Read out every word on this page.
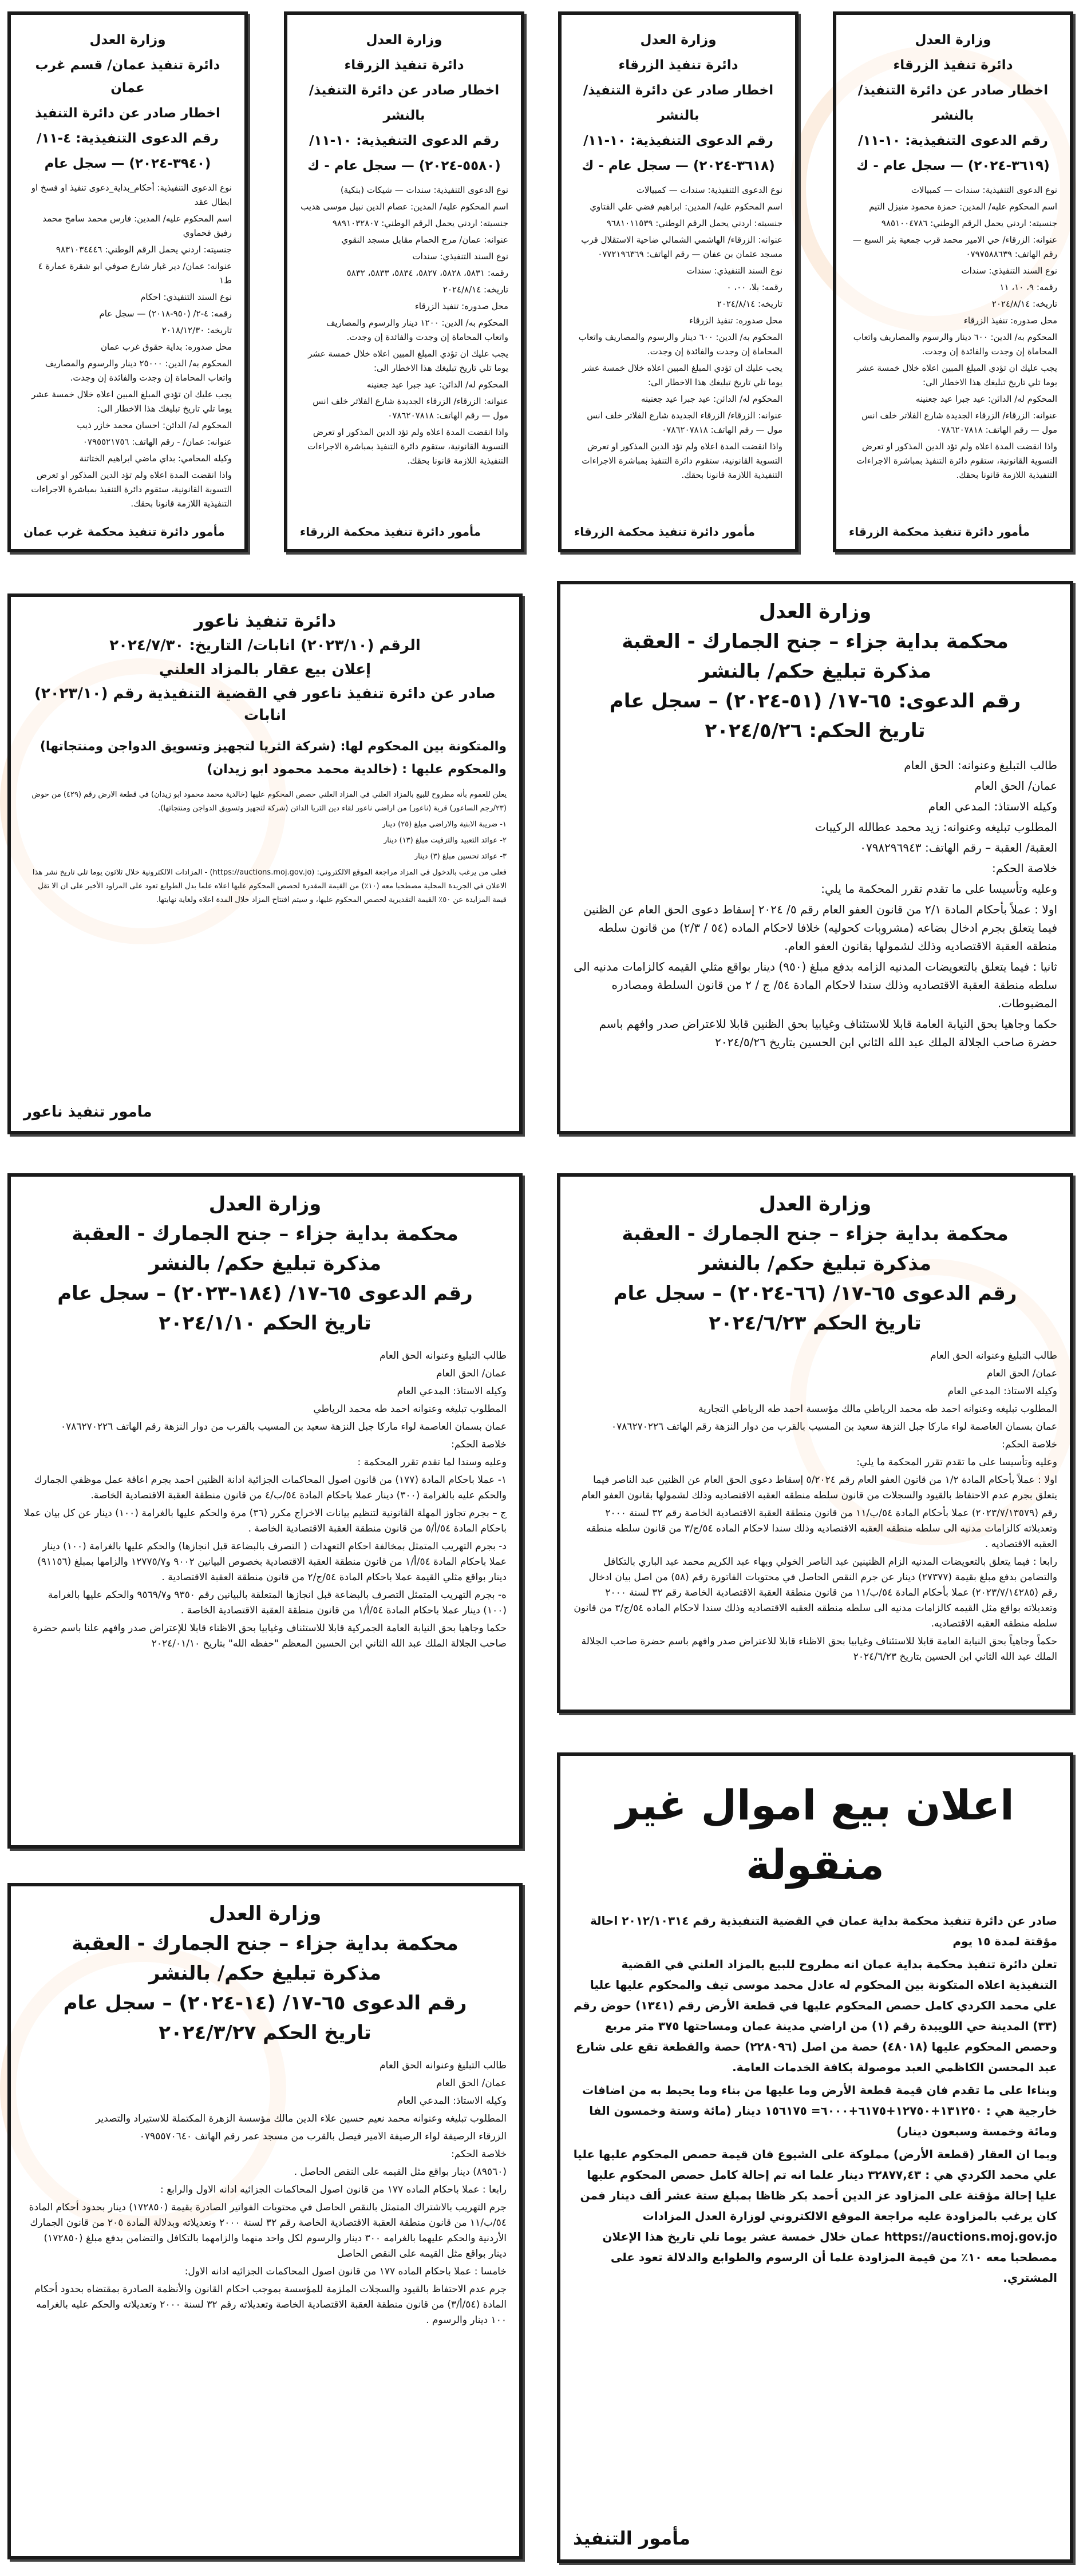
وزارة العدل
دائرة تنفيذ الزرقاء
اخطار صادر عن دائرة التنفيذ/
بالنشر
رقم الدعوى التنفيذية: ١٠-١١/
(٣٦١٩-٢٠٢٤) — سجل عام - ك

نوع الدعوى التنفيذية: سندات — كمبيالات

اسم المحكوم عليه/ المدين: حمزة محمود منيزل التيم

جنسيته: اردني يحمل الرقم الوطني: ٩٨٥١٠٠٤٧٨٦

عنوانه: الزرقاء/ حي الامير محمد قرب جمعية بئر السبع — رقم الهاتف: ٠٧٩٧٥٨٨٦٣٩

نوع السند التنفيذي: سندات

رقمه: ٩، ١٠، ١١

تاريخه: ٢٠٢٤/٨/١٤

محل صدوره: تنفيذ الزرقاء

المحكوم به/ الدين: ٦٠٠ دينار والرسوم والمصاريف واتعاب المحاماة إن وجدت والفائدة إن وجدت.

يجب عليك ان تؤدي المبلغ المبين اعلاه خلال خمسة عشر يوما تلي تاريخ تبليغك هذا الاخطار الى:

المحكوم له/ الدائن: عيد جبرا عيد جعنينه

عنوانه: الزرقاء/ الزرقاء الجديدة شارع الفلاتر خلف انس مول — رقم الهاتف: ٠٧٨٦٢٠٧٨١٨

واذا انقضت المدة اعلاه ولم تؤد الدين المذكور او تعرض التسوية القانونية، ستقوم دائرة التنفيذ بمباشرة الاجراءات التنفيذية اللازمة قانونا بحقك.

مأمور دائرة تنفيذ محكمة الزرقاء
وزارة العدل
دائرة تنفيذ الزرقاء
اخطار صادر عن دائرة التنفيذ/
بالنشر
رقم الدعوى التنفيذية: ١٠-١١/
(٣٦١٨-٢٠٢٤) — سجل عام - ك

نوع الدعوى التنفيذية: سندات — كمبيالات

اسم المحكوم عليه/ المدين: ابراهيم فضي علي الفتاوي

جنسيته: اردني يحمل الرقم الوطني: ٩٦٨١٠١١٥٣٩

عنوانه: الزرقاء/ الهاشمي الشمالي ضاحية الاستقلال قرب مسجد عثمان بن عفان — رقم الهاتف: ٠٧٧٢١٩٦٣٦٩

نوع السند التنفيذي: سندات

رقمه: بلا، ٠٠، ٠

تاريخه: ٢٠٢٤/٨/١٤

محل صدوره: تنفيذ الزرقاء

المحكوم به/ الدين: ٦٠٠ دينار والرسوم والمصاريف واتعاب المحاماة إن وجدت والفائدة إن وجدت.

يجب عليك ان تؤدي المبلغ المبين اعلاه خلال خمسة عشر يوما تلي تاريخ تبليغك هذا الاخطار الى:

المحكوم له/ الدائن: عيد جبرا عيد جعنينه

عنوانه: الزرقاء/ الزرقاء الجديدة شارع الفلاتر خلف انس مول — رقم الهاتف: ٠٧٨٦٢٠٧٨١٨

واذا انقضت المدة اعلاه ولم تؤد الدين المذكور او تعرض التسوية القانونية، ستقوم دائرة التنفيذ بمباشرة الاجراءات التنفيذية اللازمة قانونا بحقك.

مأمور دائرة تنفيذ محكمة الزرقاء
وزارة العدل
دائرة تنفيذ الزرقاء
اخطار صادر عن دائرة التنفيذ/
بالنشر
رقم الدعوى التنفيذية: ١٠-١١/
(٥٥٨٠-٢٠٢٤) — سجل عام - ك

نوع الدعوى التنفيذية: سندات — شيكات (بنكية)

اسم المحكوم عليه/ المدين: عصام الدين نبيل موسى هديب

جنسيته: اردني يحمل الرقم الوطني: ٩٨٩١٠٣٢٨٠٧

عنوانه: عمان/ مرج الحمام مقابل مسجد النقوي

نوع السند التنفيذي: سندات

رقمه: ٥٨٣١، ٥٨٢٨، ٥٨٢٧، ٥٨٣٤، ٥٨٣٣، ٥٨٣٢

تاريخه: ٢٠٢٤/٨/١٤

محل صدوره: تنفيذ الزرقاء

المحكوم به/ الدين: ١٢٠٠ دينار والرسوم والمصاريف واتعاب المحاماة إن وجدت والفائدة إن وجدت.

يجب عليك ان تؤدي المبلغ المبين اعلاه خلال خمسة عشر يوما تلي تاريخ تبليغك هذا الاخطار الى:

المحكوم له/ الدائن: عيد جبرا عيد جعنينه

عنوانه: الزرقاء/ الزرقاء الجديدة شارع الفلاتر خلف انس مول — رقم الهاتف: ٠٧٨٦٢٠٧٨١٨

واذا انقضت المدة اعلاه ولم تؤد الدين المذكور او تعرض التسوية القانونية، ستقوم دائرة التنفيذ بمباشرة الاجراءات التنفيذية اللازمة قانونا بحقك.

مأمور دائرة تنفيذ محكمة الزرقاء
وزارة العدل
دائرة تنفيذ عمان/ قسم غرب عمان
اخطار صادر عن دائرة التنفيذ
رقم الدعوى التنفيذية: ٤-١١/
(٣٩٤٠-٢٠٢٤) — سجل عام

نوع الدعوى التنفيذية: أحكام_بداية_دعوى تنفيذ او فسخ او ابطال عقد

اسم المحكوم عليه/ المدين: فارس محمد سامح محمد رفيق فحماوي

جنسيته: اردني يحمل الرقم الوطني: ٩٨٣١٠٣٤٤٤٦

عنوانه: عمان/ دير غبار شارع صوفي ابو شقرة عمارة ٤ ط١

نوع السند التنفيذي: احكام

رقمه: ٤-٢/ (٩٥٠-٢٠١٨) — سجل عام

تاريخه: ٢٠١٨/١٢/٣٠

محل صدوره: بداية حقوق غرب عمان

المحكوم به/ الدين: ٢٥٠٠٠ دينار والرسوم والمصاريف واتعاب المحاماة إن وجدت والفائدة إن وجدت.

يجب عليك ان تؤدي المبلغ المبين اعلاه خلال خمسة عشر يوما تلي تاريخ تبليغك هذا الاخطار الى:

المحكوم له/ الدائن: احسان محمد خازر ذيب

عنوانه: عمان/ - رقم الهاتف: ٠٧٩٥٥٢١٧٥٦

وكيله المحامي: بداي ماضي ابراهيم الختاتنة

واذا انقضت المدة اعلاه ولم تؤد الدين المذكور او تعرض التسوية القانونية، ستقوم دائرة التنفيذ بمباشرة الاجراءات التنفيذية اللازمة قانونا بحقك.

مأمور دائرة تنفيذ محكمة غرب عمان
وزارة العدل
محكمة بداية جزاء – جنح الجمارك - العقبة
مذكرة تبليغ حكم/ بالنشر
رقم الدعوى: ٦٥-١٧/ (٥١-٢٠٢٤) – سجل عام
تاريخ الحكم: ٢٠٢٤/٥/٢٦

طالب التبليغ وعنوانه: الحق العام

عمان/ الحق العام

وكيله الاستاذ: المدعي العام

المطلوب تبليغه وعنوانه: زيد محمد عطالله الركيبات

العقبة/ العقبة – رقم الهاتف: ٠٧٩٨٢٩٦٩٤٣

خلاصة الحكم:

وعليه وتأسيسا على ما تقدم تقرر المحكمة ما يلي:

اولا : عملاً بأحكام المادة ٢/١ من قانون العفو العام رقم ٥/ ٢٠٢٤ إسقاط دعوى الحق العام عن الظنين فيما يتعلق بجرم ادخال بضاعه (مشروبات كحوليه) خلافا لاحكام الماده (٥٤ / ٢/٣) من قانون سلطه منطقه العقبة الاقتصاديه وذلك لشمولها بقانون العفو العام.

ثانيا : فيما يتعلق بالتعويضات المدنيه الزامه بدفع مبلغ (٩٥٠) دينار بواقع مثلي القيمه كالزامات مدنيه الى سلطه منطقة العقبة الاقتصاديه وذلك سندا لاحكام المادة ٥٤/ ج / ٢ من قانون السلطة ومصادره المضبوطات.

حكما وجاهيا بحق النيابة العامة قابلا للاستئناف وغيابيا بحق الظنين قابلا للاعتراض صدر وافهم باسم حضرة صاحب الجلالة الملك عبد الله الثاني ابن الحسين بتاريخ ٢٠٢٤/٥/٢٦

دائرة تنفيذ ناعور
الرقم (٢٠٢٣/١٠) انابات/ التاريخ: ٢٠٢٤/٧/٣٠
إعلان بيع عقار بالمزاد العلني
صادر عن دائرة تنفيذ ناعور في القضية التنفيذية رقم (٢٠٢٣/١٠) انابات
والمتكونة بين المحكوم لها: (شركة الثريا لتجهيز وتسويق الدواجن ومنتجاتها)
والمحكوم عليها : (خالدية محمد محمود ابو زيدان)

يعلن للعموم بأنه مطروح للبيع بالمزاد العلني في المزاد العلني حصص المحكوم عليها (خالدية محمد محمود ابو زيدان) في قطعة الارض رقم (٤٢٩) من حوض (٢٣/رجم الساعور) قرية (ناعور) من اراضي ناعور لقاء دين الثريا الدائن (شركة لتجهيز وتسويق الدواجن ومنتجاتها).

١- ضريبة الابنية والاراضي مبلغ (٢٥) دينار

٢- عوائد التعبيد والتزفيت مبلغ (١٣) دينار

٣- عوائد تحسين مبلغ (٣) دينار

فعلى من يرغب بالدخول في المزاد مراجعة الموقع الالكتروني: (https://auctions.moj.gov.jo) - المزادات الالكترونية خلال ثلاثون يوما تلي تاريخ نشر هذا الاعلان في الجريدة المحلية مصطحبا معه (١٠٪) من القيمة المقدرة لحصص المحكوم عليها اعلاه علما بدل الطوابع تعود على المزاود الأخير على ان الا تقل قيمة المزايدة عن ٥٠٪ القيمة التقديرية لحصص المحكوم عليها، و سيتم افتتاح المزاد خلال المدة اعلاه ولغاية نهايتها.

مامور تنفيذ ناعور
وزارة العدل
محكمة بداية جزاء – جنح الجمارك - العقبة
مذكرة تبليغ حكم/ بالنشر
رقم الدعوى ٦٥-١٧/ (١٨٤-٢٠٢٣) – سجل عام
تاريخ الحكم ٢٠٢٤/١/١٠

طالب التبليغ وعنوانه الحق العام

عمان/ الحق العام

وكيله الاستاذ: المدعي العام

المطلوب تبليغه وعنوانه احمد طه محمد الرياطي

عمان بسمان العاصمة لواء ماركا جبل النزهة سعيد بن المسيب بالقرب من دوار النزهة رقم الهاتف ٠٧٨٦٢٧٠٢٢٦

خلاصة الحكم:

وعليه وسندا لما تقدم تقرر المحكمة :

١- عملا باحكام المادة (١٧٧) من قانون اصول المحاكمات الجزائية ادانة الظنين احمد بجرم اعاقة عمل موظفي الجمارك والحكم عليه بالغرامة (٣٠٠) دينار عملا باحكام المادة ٥٤/ب/٤ من قانون منطقة العقبة الاقتصادية الخاصة.

ج – بجرم تجاوز المهلة القانونية لتنظيم بيانات الاخراج مكرر (٣٦) مرة والحكم عليها بالغرامة (١٠٠) دينار عن كل بيان عملا باحكام المادة ٥٤/أ/٥ من قانون منطقة العقبة الاقتصادية الخاصة .

د- بجرم التهريب المتمثل بمخالفة احكام التعهدات ( التصرف بالبضاعة قبل انجازها) والحكم عليها بالغرامة (١٠٠) دينار عملا باحكام المادة ٥٤/أ/١ من قانون منطقة العقبة الاقتصادية بخصوص البيانين ٩٠٠٢ و١٢٧٧٥/٧ والزامها بمبلغ (٩١١٥٦) دينار بواقع مثلي القيمة عملا باحكام المادة ٥٤/ج/٢ من قانون منطقة العقبة الاقتصادية .

ه- بجرم التهريب المتمثل التصرف بالبضاعة قبل انجازها المتعلقة بالبيانين رقم ٩٣٥٠ و٩٥٦٩/٧ والحكم عليها بالغرامة (١٠٠) دينار عملا باحكام المادة ٥٤/أ/١ من قانون منطقة العقبة الاقتصادية الخاصة .

حكما وجاهيا بحق النيابة العامة الجمركية قابلا للاستئناف وغيابيا بحق الاظناء قابلا للإعتراض صدر وافهم علنا باسم حضرة صاحب الجلالة الملك عبد الله الثاني ابن الحسين المعظم "حفظه الله" بتاريخ ٢٠٢٤/٠١/١٠

وزارة العدل
محكمة بداية جزاء – جنح الجمارك - العقبة
مذكرة تبليغ حكم/ بالنشر
رقم الدعوى ٦٥-١٧/ (٦٦-٢٠٢٤) – سجل عام
تاريخ الحكم ٢٠٢٤/٦/٢٣

طالب التبليغ وعنوانه الحق العام

عمان/ الحق العام

وكيله الاستاذ: المدعي العام

المطلوب تبليغه وعنوانه احمد طه محمد الرياطي مالك مؤسسة احمد طه الرياطي التجارية

عمان بسمان العاصمة لواء ماركا جبل النزهة سعيد بن المسيب بالقرب من دوار النزهة رقم الهاتف ٠٧٨٦٢٧٠٢٢٦

خلاصة الحكم:

وعليه وتأسيسا على ما تقدم تقرر المحكمة ما يلي:

اولا : عملاً بأحكام المادة ١/٢ من قانون العفو العام رقم ٥/٢٠٢٤ إسقاط دعوى الحق العام عن الظنين عبد الناصر فيما يتعلق بجرم عدم الاحتفاظ بالقيود والسجلات من قانون سلطه منطقه العقبه الاقتصاديه وذلك لشمولها بقانون العفو العام

رقم (٢٠٢٣/٧/١٣٥٧٩) عملا بأحكام المادة ٥٤/ب/١١ من قانون منطقة العقبة الاقتصادية الخاصة رقم ٣٢ لسنة ٢٠٠٠ وتعديلاته كالزامات مدنيه الى سلطه منطقه العقبه الاقتصاديه وذلك سندا لاحكام الماده ٥٤/ج/٣ من قانون سلطه منطقه العقبه الاقتصاديه .

رابعا : فيما يتعلق بالتعويضات المدنيه الزام الظنينين عبد الناصر الخولي وبهاء عبد الكريم محمد عبد الباري بالتكافل والتضامن بدفع مبلغ بقيمة (٢٧٣٧٧) دينار عن جرم النقص الحاصل في محتويات الفاتورة رقم (٥٨) من اصل بيان ادخال رقم (٢٠٢٣/٧/١٤٢٨٥) عملا بأحكام المادة ٥٤/ب/١١ من قانون منطقة العقبة الاقتصادية الخاصة رقم ٣٢ لسنة ٢٠٠٠ وتعديلاته بواقع مثل القيمه كالزامات مدنيه الى سلطه منطقه العقبه الاقتصاديه وذلك سندا لاحكام الماده ٥٤/ج/٣ من قانون سلطه منطقه العقبه الاقتصاديه.

حكماً وجاهياً بحق النيابة العامة قابلا للاستئناف وغيابيا بحق الاظناء قابلا للاعتراض صدر وافهم باسم حضرة صاحب الجلالة الملك عبد الله الثاني ابن الحسين بتاريخ ٢٠٢٤/٦/٢٣

اعلان بيع اموال غير منقولة

صادر عن دائرة تنفيذ محكمة بداية عمان في القضية التنفيذية رقم ٢٠١٢/١٠٣١٤ احالة مؤقتة لمدة ١٥ يوم

تعلن دائرة تنفيذ محكمة بداية عمان انه مطروح للبيع بالمزاد العلني في القضية التنفيذية اعلاه المتكونة بين المحكوم له عادل محمد موسى تيف والمحكوم عليها عليا علي محمد الكردي كامل حصص المحكوم عليها في قطعة الأرض رقم (١٣٤١) حوض رقم (٣٣) المدينة حي اللويبدة رقم (١) من اراضي مدينة عمان ومساحتها ٣٧٥ متر مربع وحصص المحكوم عليها (٤٨٠١٨) حصة من اصل (٢٢٨٠٩٦) حصة والقطعة تقع على شارع عبد المحسن الكاظمي العبد موصولة بكافة الخدمات العامة.

وبناءا على ما تقدم فان قيمة قطعة الأرض وما عليها من بناء وما يحيط به من اضافات خارجية هي : ١٣١٢٥٠+١٢٧٥٠+٦١٧٥+٦٠٠٠= ١٥٦١٧٥ دينار (مائة وستة وخمسون الفا ومائة وخمسة وسبعون دينار)

وبما ان العقار (قطعة الأرض) مملوكة على الشيوع فان قيمة حصص المحكوم عليها عليا علي محمد الكردي هي : ٣٢٨٧٧,٤٣ دينار علما انه تم إحالة كامل حصص المحكوم عليها عليا إحالة مؤقتة على المزاود عز الدين أحمد بكر ظاظا بمبلغ ستة عشر ألف دينار فمن كان يرغب بالمزاودة عليه مراجعة الموقع الالكتروني لوزارة العدل المزادات https://auctions.moj.gov.jo عمان خلال خمسة عشر يوما تلي تاريخ هذا الإعلان مصطحبا معه ١٠٪ من قيمة المزاودة علما أن الرسوم والطوابع والدلالة تعود على المشتري.

مأمور التنفيذ
وزارة العدل
محكمة بداية جزاء – جنح الجمارك - العقبة
مذكرة تبليغ حكم/ بالنشر
رقم الدعوى ٦٥-١٧/ (١٤-٢٠٢٤) – سجل عام
تاريخ الحكم ٢٠٢٤/٣/٢٧

طالب التبليغ وعنوانه الحق العام

عمان/ الحق العام

وكيله الاستاذ: المدعي العام

المطلوب تبليغه وعنوانه محمد نعيم حسين علاء الدين مالك مؤسسة الزهرة المكتملة للاستيراد والتصدير

الزرقاء الرصيفة لواء الرصيفة الامير فيصل بالقرب من مسجد عمر رقم الهاتف ٠٧٩٥٥٧٠٦٤٠

خلاصة الحكم:

(٨٩٥٦٠) دينار بواقع مثل القيمه على النقص الحاصل .

رابعا : عملا باحكام الماده ١٧٧ من قانون اصول المحاكمات الجزائيه ادانه الاول والرابع :

جرم التهريب بالاشتراك المتمثل بالنقص الحاصل في محتويات الفواتير الصادرة بقيمة (١٧٢٨٥٠) دينار بحدود أحكام المادة ٥٤/ب/١١ من قانون منطقة العقبة الاقتصادية الخاصة رقم ٣٢ لسنة ٢٠٠٠ وتعديلاته وبدلالة المادة ٢٠٥ من قانون الجمارك الأردنية والحكم عليهما بالغرامه ٣٠٠ دينار والرسوم لكل واحد منهما والزامهما بالتكافل والتضامن بدفع مبلغ (١٧٢٨٥٠) دينار بواقع مثل القيمه على النقص الحاصل

خامسا : عملا باحكام الماده ١٧٧ من قانون اصول المحاكمات الجزائيه ادانه الاول:

جرم عدم الاحتفاظ بالقيود والسجلات الملزمة للمؤسسة بموجب احكام القانون والأنظمة الصادرة بمقتضاه بحدود أحكام المادة (٥٤/أ/٣) من قانون منطقة العقبة الاقتصادية الخاصة وتعديلاته رقم ٣٢ لسنة ٢٠٠٠ وتعديلاته والحكم عليه بالغرامه ١٠٠ دينار والرسوم .
